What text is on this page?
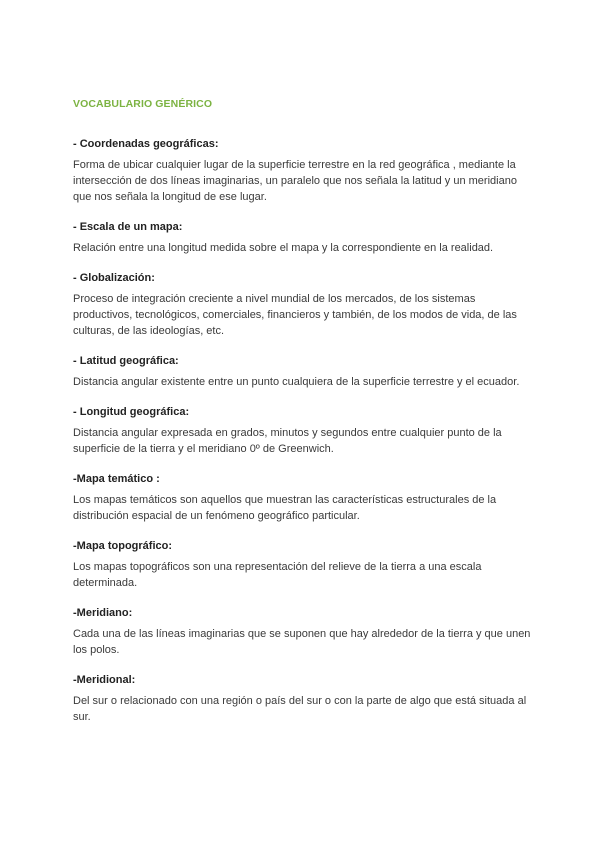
VOCABULARIO GENÉRICO

- Coordenadas geográficas:

Forma de ubicar cualquier lugar de la superficie terrestre en la red geográfica , mediante la intersección de dos líneas imaginarias, un paralelo que nos señala la latitud y un meridiano que nos señala la longitud de ese lugar.

- Escala de un mapa:

Relación entre una longitud medida sobre el mapa y la correspondiente en la realidad.

- Globalización:

Proceso de integración creciente a nivel mundial de los mercados, de los sistemas productivos, tecnológicos, comerciales, financieros y también, de los modos de vida, de las culturas, de las ideologías, etc.

- Latitud geográfica:

Distancia angular existente entre un punto cualquiera de la superficie terrestre y el ecuador.

- Longitud geográfica:

Distancia angular expresada en grados, minutos y segundos entre cualquier punto de la superficie de la tierra y el meridiano 0º de Greenwich.

-Mapa temático :

Los mapas temáticos son aquellos que muestran las características estructurales de la distribución espacial de un fenómeno geográfico particular.

-Mapa topográfico:

Los mapas topográficos son una representación del relieve de la tierra a una escala determinada.

-Meridiano:

Cada una de las líneas imaginarias que se suponen que hay alrededor de la tierra y que unen los polos.

-Meridional:

Del sur o relacionado con una región o país del sur o con la parte de algo que está situada al sur.
